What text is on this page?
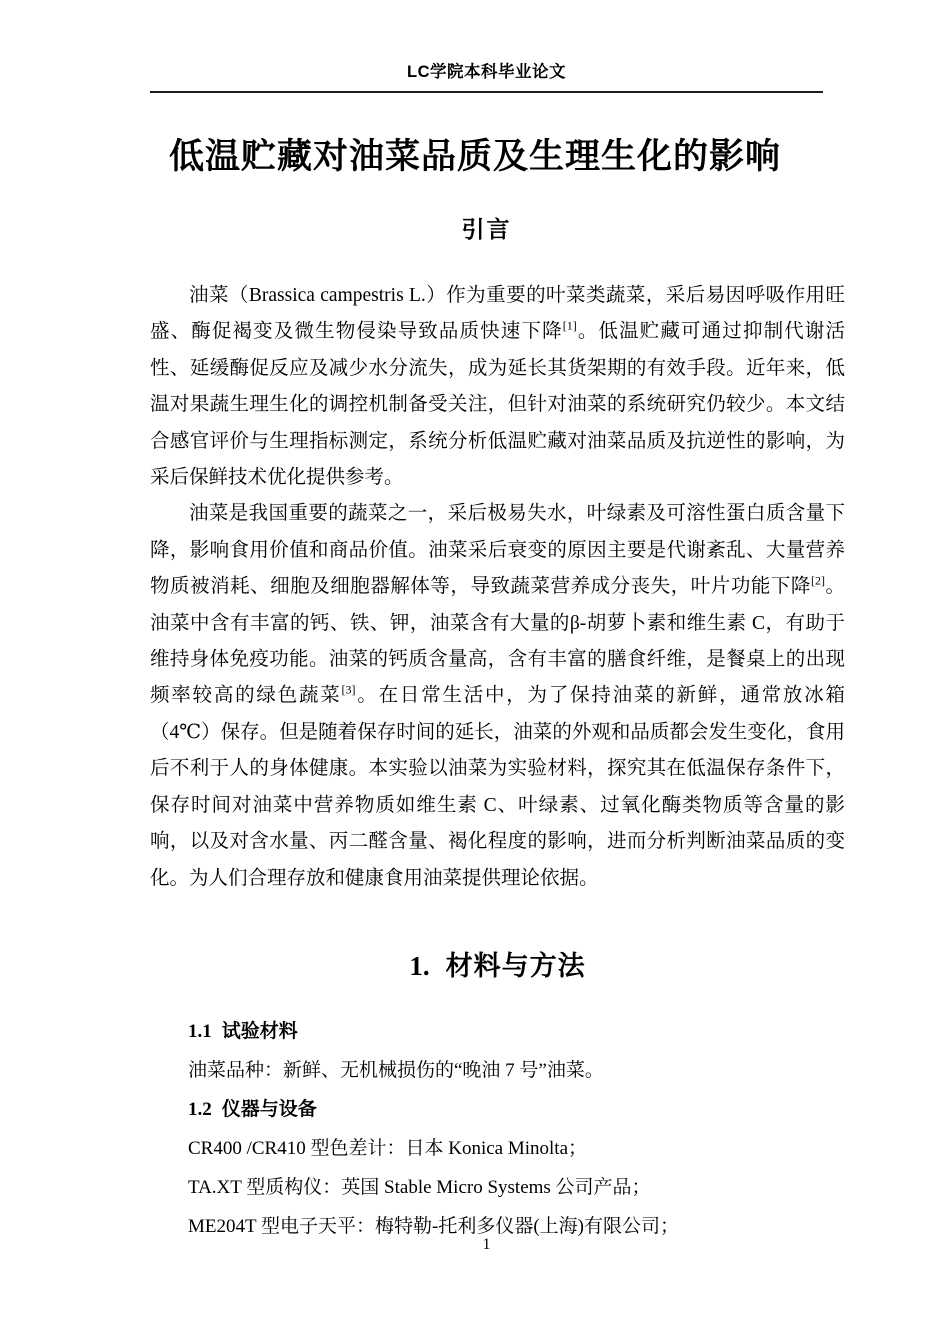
LC学院本科毕业论文
低温贮藏对油菜品质及生理生化的影响
引言

油菜（Brassica campestris L.）作为重要的叶菜类蔬菜，采后易因呼吸作用旺盛、酶促褐变及微生物侵染导致品质快速下降[1]。低温贮藏可通过抑制代谢活性、延缓酶促反应及减少水分流失，成为延长其货架期的有效手段。近年来，低温对果蔬生理生化的调控机制备受关注，但针对油菜的系统研究仍较少。本文结合感官评价与生理指标测定，系统分析低温贮藏对油菜品质及抗逆性的影响，为采后保鲜技术优化提供参考。

油菜是我国重要的蔬菜之一，采后极易失水，叶绿素及可溶性蛋白质含量下降，影响食用价值和商品价值。油菜采后衰变的原因主要是代谢紊乱、大量营养物质被消耗、细胞及细胞器解体等，导致蔬菜营养成分丧失，叶片功能下降[2]。油菜中含有丰富的钙、铁、钾，油菜含有大量的β-胡萝卜素和维生素 C，有助于维持身体免疫功能。油菜的钙质含量高，含有丰富的膳食纤维，是餐桌上的出现频率较高的绿色蔬菜[3]。在日常生活中，为了保持油菜的新鲜，通常放冰箱（4℃）保存。但是随着保存时间的延长，油菜的外观和品质都会发生变化，食用后不利于人的身体健康。本实验以油菜为实验材料，探究其在低温保存条件下，保存时间对油菜中营养物质如维生素 C、叶绿素、过氧化酶类物质等含量的影响，以及对含水量、丙二醛含量、褐化程度的影响，进而分析判断油菜品质的变化。为人们合理存放和健康食用油菜提供理论依据。

1. 材料与方法
1.1 试验材料
油菜品种：新鲜、无机械损伤的“晚油 7 号”油菜。
1.2 仪器与设备
CR400 /CR410 型色差计：日本 Konica Minolta；
TA.XT 型质构仪：英国 Stable Micro Systems 公司产品；
ME204T 型电子天平：梅特勒-托利多仪器(上海)有限公司；
1
